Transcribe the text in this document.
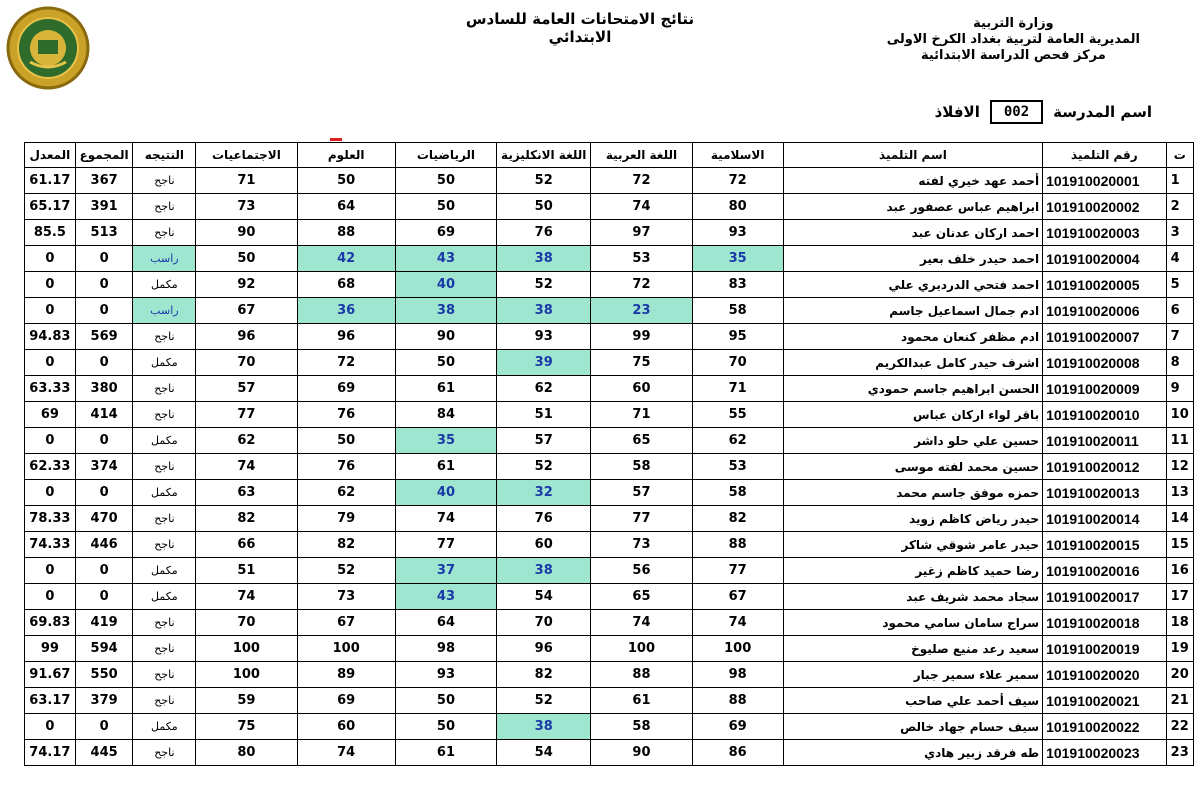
نتائج الامتحانات العامة للسادس الابتدائي
وزارة التربية
المديرية العامة لتربية بغداد الكرخ الاولى
مركز فحص الدراسة الابتدائية
اسم المدرسة
002
الافلاذ
ت	رقم التلميذ	اسم التلميذ	الاسلامية	اللغة العربية	اللغة الانكليزية	الرياضيات	العلوم	الاجتماعيات	النتيجه	المجموع	المعدل
1	101910020001	أحمد عهد خيري لفته	72	72	52	50	50	71	ناجح	367	61.17
2	101910020002	ابراهيم عباس عصفور عبد	80	74	50	50	64	73	ناجح	391	65.17
3	101910020003	احمد اركان عدنان عبد	93	97	76	69	88	90	ناجح	513	85.5
4	101910020004	احمد حيدر خلف بعير	35	53	38	43	42	50	راسب	0	0
5	101910020005	احمد فتحي الدرديري علي	83	72	52	40	68	92	مكمل	0	0
6	101910020006	ادم جمال اسماعيل جاسم	58	23	38	38	36	67	راسب	0	0
7	101910020007	ادم مظفر كنعان محمود	95	99	93	90	96	96	ناجح	569	94.83
8	101910020008	اشرف حيدر كامل عبدالكريم	70	75	39	50	72	70	مكمل	0	0
9	101910020009	الحسن ابراهيم جاسم حمودي	71	60	62	61	69	57	ناجح	380	63.33
10	101910020010	باقر لواء اركان عباس	55	71	51	84	76	77	ناجح	414	69
11	101910020011	حسين علي حلو داشر	62	65	57	35	50	62	مكمل	0	0
12	101910020012	حسين محمد لفته موسى	53	58	52	61	76	74	ناجح	374	62.33
13	101910020013	حمزه موفق جاسم محمد	58	57	32	40	62	63	مكمل	0	0
14	101910020014	حيدر رياض كاظم زويد	82	77	76	74	79	82	ناجح	470	78.33
15	101910020015	حيدر عامر شوقي شاكر	88	73	60	77	82	66	ناجح	446	74.33
16	101910020016	رضا حميد كاظم زغير	77	56	38	37	52	51	مكمل	0	0
17	101910020017	سجاد محمد شريف عبد	67	65	54	43	73	74	مكمل	0	0
18	101910020018	سراج سامان سامي محمود	74	74	70	64	67	70	ناجح	419	69.83
19	101910020019	سعيد رعد منيع صليوخ	100	100	96	98	100	100	ناجح	594	99
20	101910020020	سمير علاء سمير جبار	98	88	82	93	89	100	ناجح	550	91.67
21	101910020021	سيف أحمد علي صاحب	88	61	52	50	69	59	ناجح	379	63.17
22	101910020022	سيف حسام جهاد خالص	69	58	38	50	60	75	مكمل	0	0
23	101910020023	طه فرقد زبير هادي	86	90	54	61	74	80	ناجح	445	74.17
